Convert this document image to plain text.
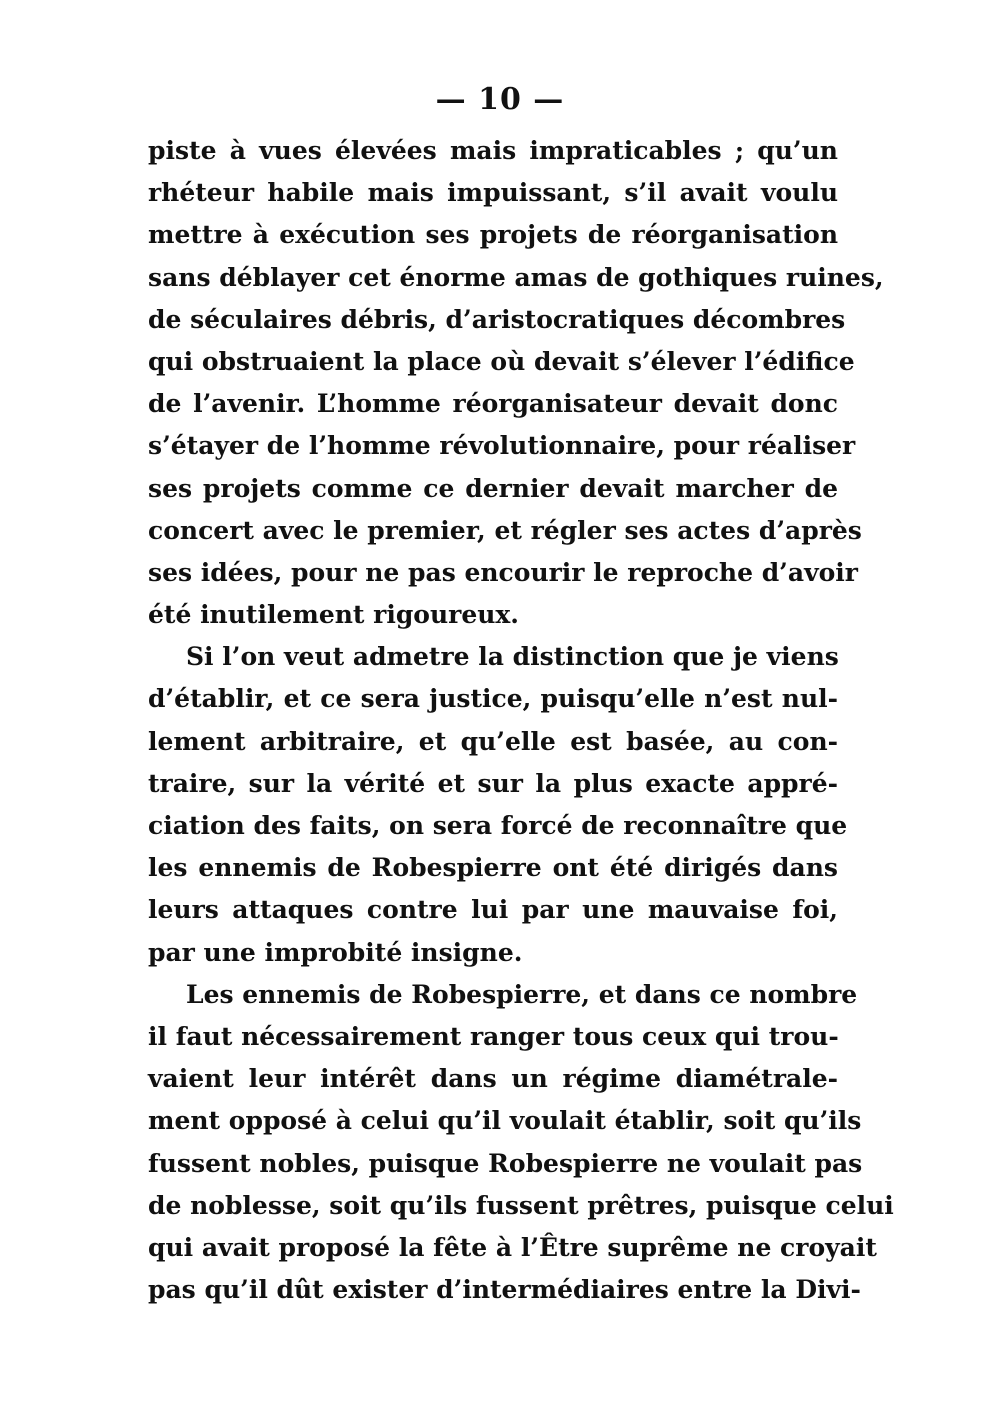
— 10 —
piste à vues élevées mais impraticables ; qu’un
rhéteur habile mais impuissant, s’il avait voulu
mettre à exécution ses projets de réorganisation
sans déblayer cet énorme amas de gothiques ruines,
de séculaires débris, d’aristocratiques décombres
qui obstruaient la place où devait s’élever l’édifice
de l’avenir. L’homme réorganisateur devait donc
s’étayer de l’homme révolutionnaire, pour réaliser
ses projets comme ce dernier devait marcher de
concert avec le premier, et régler ses actes d’après
ses idées, pour ne pas encourir le reproche d’avoir
été inutilement rigoureux.
Si l’on veut admetre la distinction que je viens
d’établir, et ce sera justice, puisqu’elle n’est nul-
lement arbitraire, et qu’elle est basée, au con-
traire, sur la vérité et sur la plus exacte appré-
ciation des faits, on sera forcé de reconnaître que
les ennemis de Robespierre ont été dirigés dans
leurs attaques contre lui par une mauvaise foi,
par une improbité insigne.
Les ennemis de Robespierre, et dans ce nombre
il faut nécessairement ranger tous ceux qui trou-
vaient leur intérêt dans un régime diamétrale-
ment opposé à celui qu’il voulait établir, soit qu’ils
fussent nobles, puisque Robespierre ne voulait pas
de noblesse, soit qu’ils fussent prêtres, puisque celui
qui avait proposé la fête à l’Être suprême ne croyait
pas qu’il dût exister d’intermédiaires entre la Divi-
